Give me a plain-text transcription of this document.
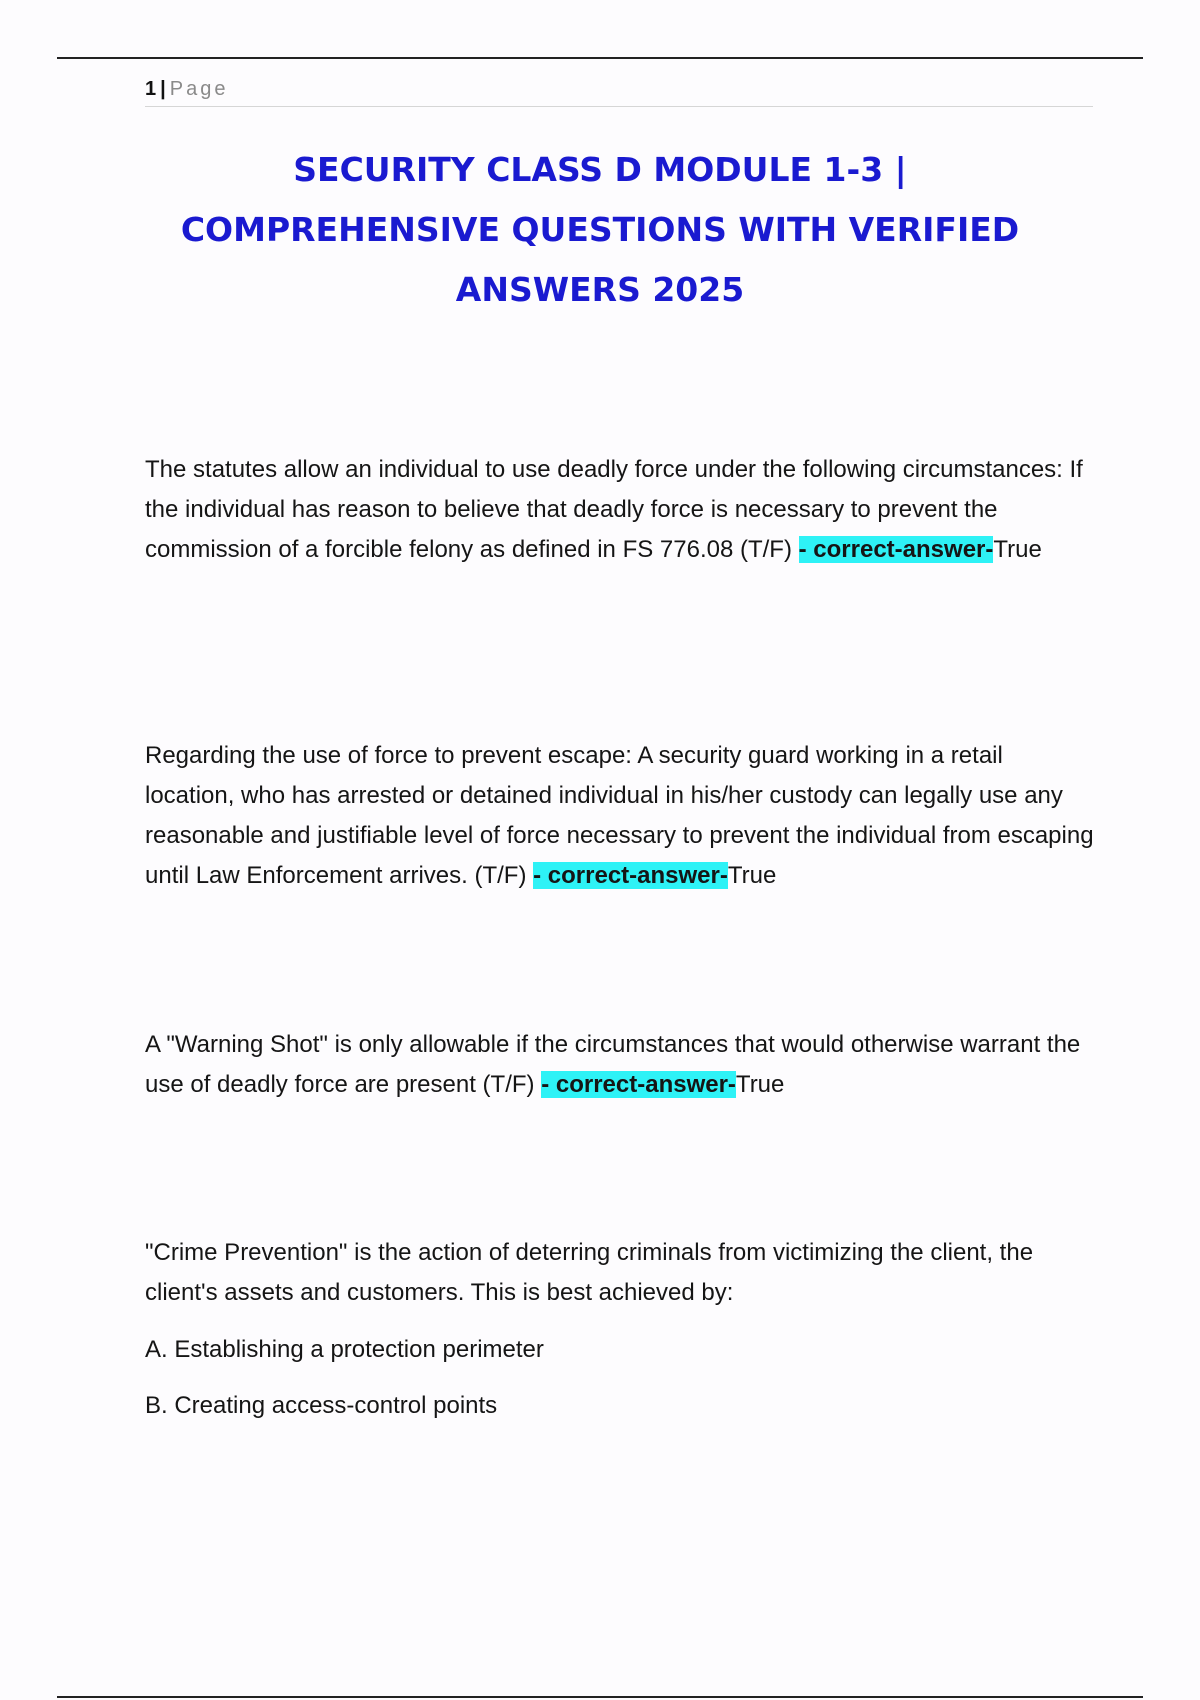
1 | Page
SECURITY CLASS D MODULE 1-3 |
COMPREHENSIVE QUESTIONS WITH VERIFIED
ANSWERS 2025
The statutes allow an individual to use deadly force under the following circumstances: If the individual has reason to believe that deadly force is necessary to prevent the commission of a forcible felony as defined in FS 776.08 (T/F) - correct-answer-True
Regarding the use of force to prevent escape: A security guard working in a retail location, who has arrested or detained individual in his/her custody can legally use any reasonable and justifiable level of force necessary to prevent the individual from escaping until Law Enforcement arrives. (T/F) - correct-answer-True
A "Warning Shot" is only allowable if the circumstances that would otherwise warrant the use of deadly force are present (T/F) - correct-answer-True
"Crime Prevention" is the action of deterring criminals from victimizing the client, the client's assets and customers. This is best achieved by:
A. Establishing a protection perimeter
B. Creating access-control points
